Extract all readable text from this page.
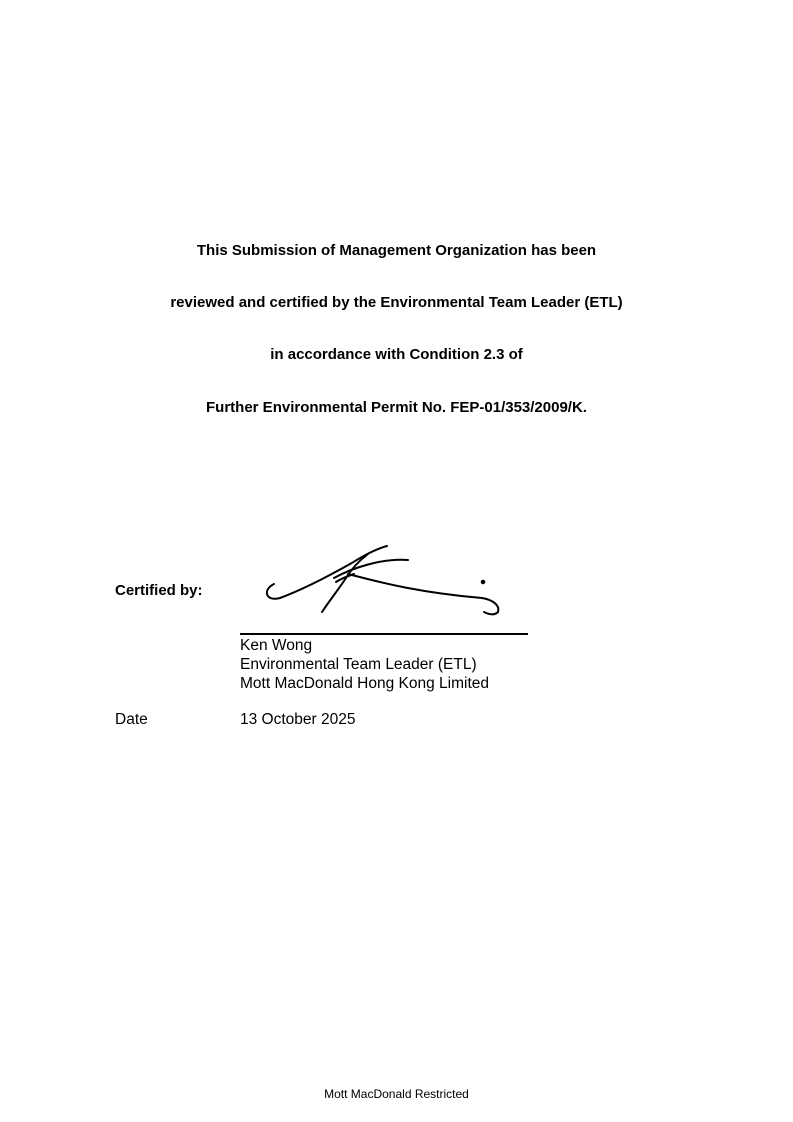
This Submission of Management Organization has been
reviewed and certified by the Environmental Team Leader (ETL)
in accordance with Condition 2.3 of
Further Environmental Permit No. FEP-01/353/2009/K.
Certified by:
Ken Wong
Environmental Team Leader (ETL)
Mott MacDonald Hong Kong Limited
Date	13 October 2025
Mott MacDonald Restricted
